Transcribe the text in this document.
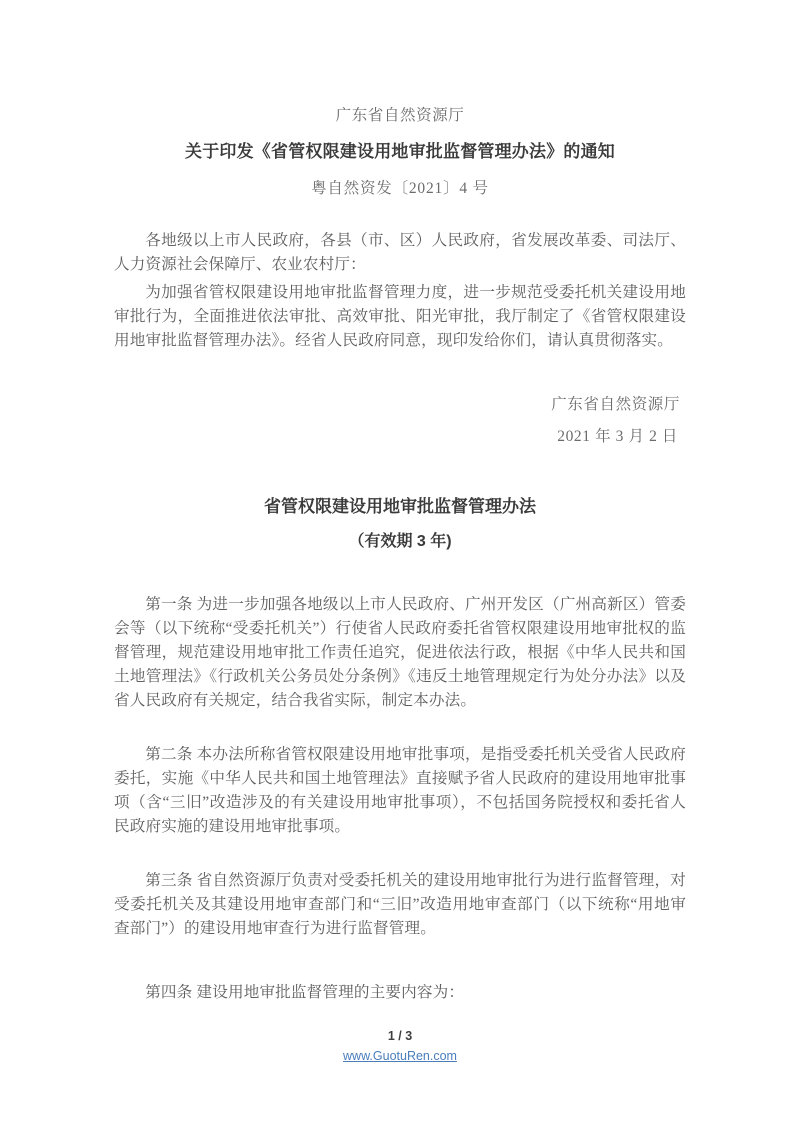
广东省自然资源厅
关于印发《省管权限建设用地审批监督管理办法》的通知
粤自然资发〔2021〕4 号
各地级以上市人民政府，各县（市、区）人民政府，省发展改革委、司法厅、人力资源社会保障厅、农业农村厅：
为加强省管权限建设用地审批监督管理力度，进一步规范受委托机关建设用地审批行为，全面推进依法审批、高效审批、阳光审批，我厅制定了《省管权限建设用地审批监督管理办法》。经省人民政府同意，现印发给你们，请认真贯彻落实。
广东省自然资源厅
2021 年 3 月 2 日
省管权限建设用地审批监督管理办法
（有效期 3 年)
第一条 为进一步加强各地级以上市人民政府、广州开发区（广州高新区）管委会等（以下统称“受委托机关”）行使省人民政府委托省管权限建设用地审批权的监督管理，规范建设用地审批工作责任追究，促进依法行政，根据《中华人民共和国土地管理法》《行政机关公务员处分条例》《违反土地管理规定行为处分办法》以及省人民政府有关规定，结合我省实际，制定本办法。
第二条 本办法所称省管权限建设用地审批事项，是指受委托机关受省人民政府委托，实施《中华人民共和国土地管理法》直接赋予省人民政府的建设用地审批事项（含“三旧”改造涉及的有关建设用地审批事项），不包括国务院授权和委托省人民政府实施的建设用地审批事项。
第三条 省自然资源厅负责对受委托机关的建设用地审批行为进行监督管理，对受委托机关及其建设用地审查部门和“三旧”改造用地审查部门（以下统称“用地审查部门”）的建设用地审查行为进行监督管理。
第四条 建设用地审批监督管理的主要内容为：
1 / 3
www.GuotuRen.com
